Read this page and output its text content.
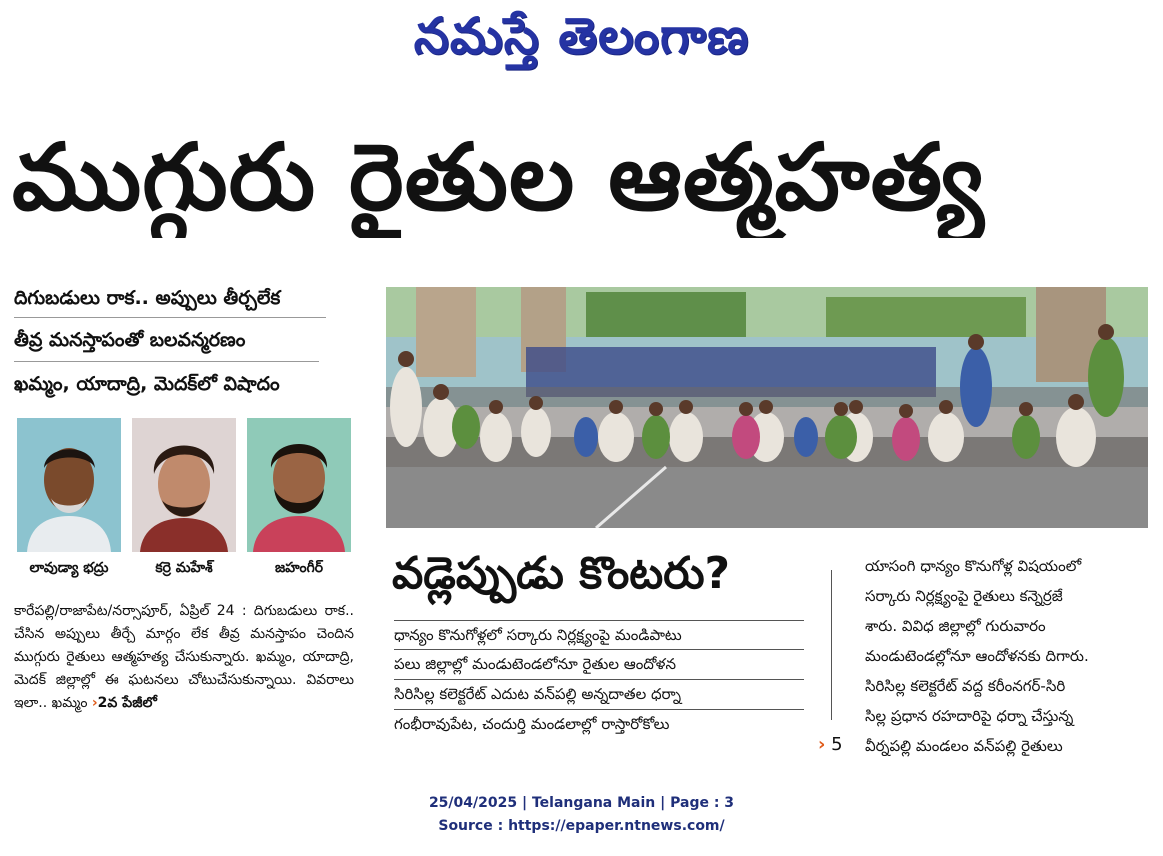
నమస్తే తెలంగాణ
ముగ్గురు రైతుల ఆత్మహత్య
దిగుబడులు రాక.. అప్పులు తీర్చలేక
తీవ్ర మనస్తాపంతో బలవన్మరణం
ఖమ్మం, యాదాద్రి, మెదక్‌లో విషాదం
లావుడ్యా భద్రు	కర్రె మహేశ్	జహంగీర్
కారేపల్లి/రాజాపేట/నర్సాపూర్, ఏప్రిల్ 24 : దిగుబడులు రాక.. చేసిన అప్పులు తీర్చే మార్గం లేక తీవ్ర మనస్తాపం చెందిన ముగ్గురు రైతులు ఆత్మహత్య చేసుకున్నారు. ఖమ్మం, యాదాద్రి, మెదక్ జిల్లాల్లో ఈ ఘటనలు చోటుచేసుకున్నాయి. వివరాలు ఇలా.. ఖమ్మం ›2వ పేజీలో
వడ్లెప్పుడు కొంటరు?
ధాన్యం కొనుగోళ్లలో సర్కారు నిర్లక్ష్యంపై మండిపాటు
పలు జిల్లాల్లో మండుటెండలోనూ రైతుల ఆందోళన
సిరిసిల్ల కలెక్టరేట్ ఎదుట వన్‌పల్లి అన్నదాతల ధర్నా
గంభీరావుపేట, చందుర్తి మండలాల్లో రాస్తారోకోలు
› 5
యాసంగి ధాన్యం కొనుగోళ్ల విషయంలో
సర్కారు నిర్లక్ష్యంపై రైతులు కన్నెర్రజే
శారు. వివిధ జిల్లాల్లో గురువారం
మండుటెండల్లోనూ ఆందోళనకు దిగారు.
సిరిసిల్ల కలెక్టరేట్ వద్ద కరీంనగర్-సిరి
సిల్ల ప్రధాన రహదారిపై ధర్నా చేస్తున్న
వీర్నపల్లి మండలం వన్‌పల్లి రైతులు
25/04/2025 | Telangana Main | Page : 3
Source : https://epaper.ntnews.com/
